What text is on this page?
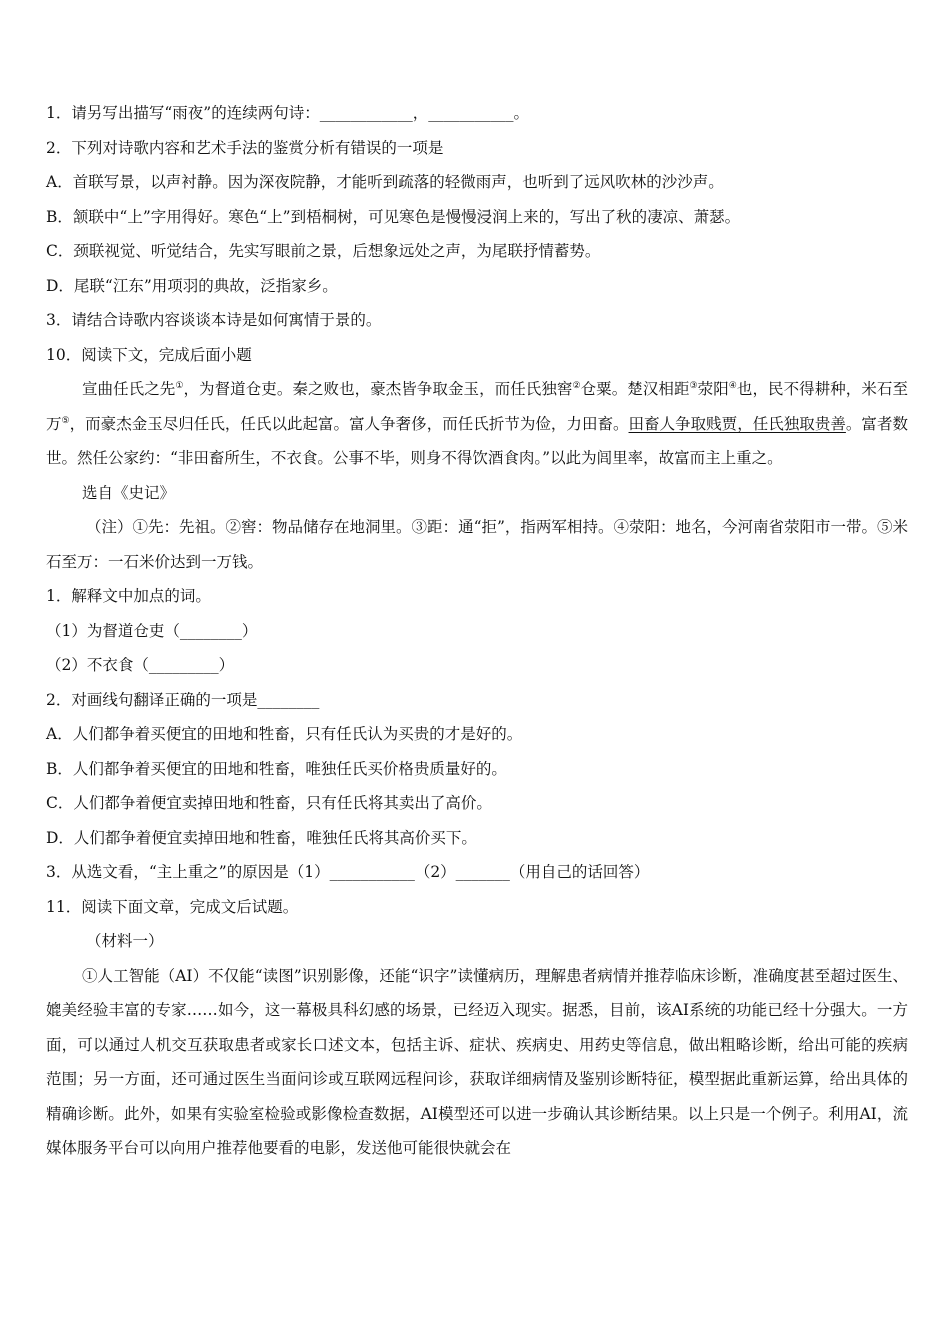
1．请另写出描写“雨夜”的连续两句诗：____________，___________。
2．下列对诗歌内容和艺术手法的鉴赏分析有错误的一项是
A．首联写景，以声衬静。因为深夜院静，才能听到疏落的轻微雨声，也听到了远风吹林的沙沙声。
B．颔联中“上”字用得好。寒色“上”到梧桐树，可见寒色是慢慢浸润上来的，写出了秋的凄凉、萧瑟。
C．颈联视觉、听觉结合，先实写眼前之景，后想象远处之声，为尾联抒情蓄势。
D．尾联“江东”用项羽的典故，泛指家乡。
3．请结合诗歌内容谈谈本诗是如何寓情于景的。
10．阅读下文，完成后面小题
宣曲任氏之先①，为督道仓吏。秦之败也，豪杰皆争取金玉，而任氏独窖②仓粟。楚汉相距③荥阳④也，民不得耕种，米石至万⑤，而豪杰金玉尽归任氏，任氏以此起富。富人争奢侈，而任氏折节为俭，力田畜。田畜人争取贱贾，任氏独取贵善。富者数世。然任公家约：“非田畜所生，不衣食。公事不毕，则身不得饮酒食肉。”以此为闾里率，故富而主上重之。
选自《史记》
（注）①先：先祖。②窖：物品储存在地洞里。③距：通“拒”，指两军相持。④荥阳：地名，今河南省荥阳市一带。⑤米石至万：一石米价达到一万钱。
1．解释文中加点的词。
（1）为督道仓吏（________）
（2）不衣食（_________）
2．对画线句翻译正确的一项是________
A．人们都争着买便宜的田地和牲畜，只有任氏认为买贵的才是好的。
B．人们都争着买便宜的田地和牲畜，唯独任氏买价格贵质量好的。
C．人们都争着便宜卖掉田地和牲畜，只有任氏将其卖出了高价。
D．人们都争着便宜卖掉田地和牲畜，唯独任氏将其高价买下。
3．从选文看，“主上重之”的原因是（1）___________（2）_______（用自己的话回答）
11．阅读下面文章，完成文后试题。
（材料一）
①人工智能（AI）不仅能“读图”识别影像，还能“识字”读懂病历，理解患者病情并推荐临床诊断，准确度甚至超过医生、媲美经验丰富的专家……如今，这一幕极具科幻感的场景，已经迈入现实。据悉，目前，该AI系统的功能已经十分强大。一方面，可以通过人机交互获取患者或家长口述文本，包括主诉、症状、疾病史、用药史等信息，做出粗略诊断，给出可能的疾病范围；另一方面，还可通过医生当面问诊或互联网远程问诊，获取详细病情及鉴别诊断特征，模型据此重新运算，给出具体的精确诊断。此外，如果有实验室检验或影像检查数据，AI模型还可以进一步确认其诊断结果。以上只是一个例子。利用AI，流媒体服务平台可以向用户推荐他要看的电影，发送他可能很快就会在
